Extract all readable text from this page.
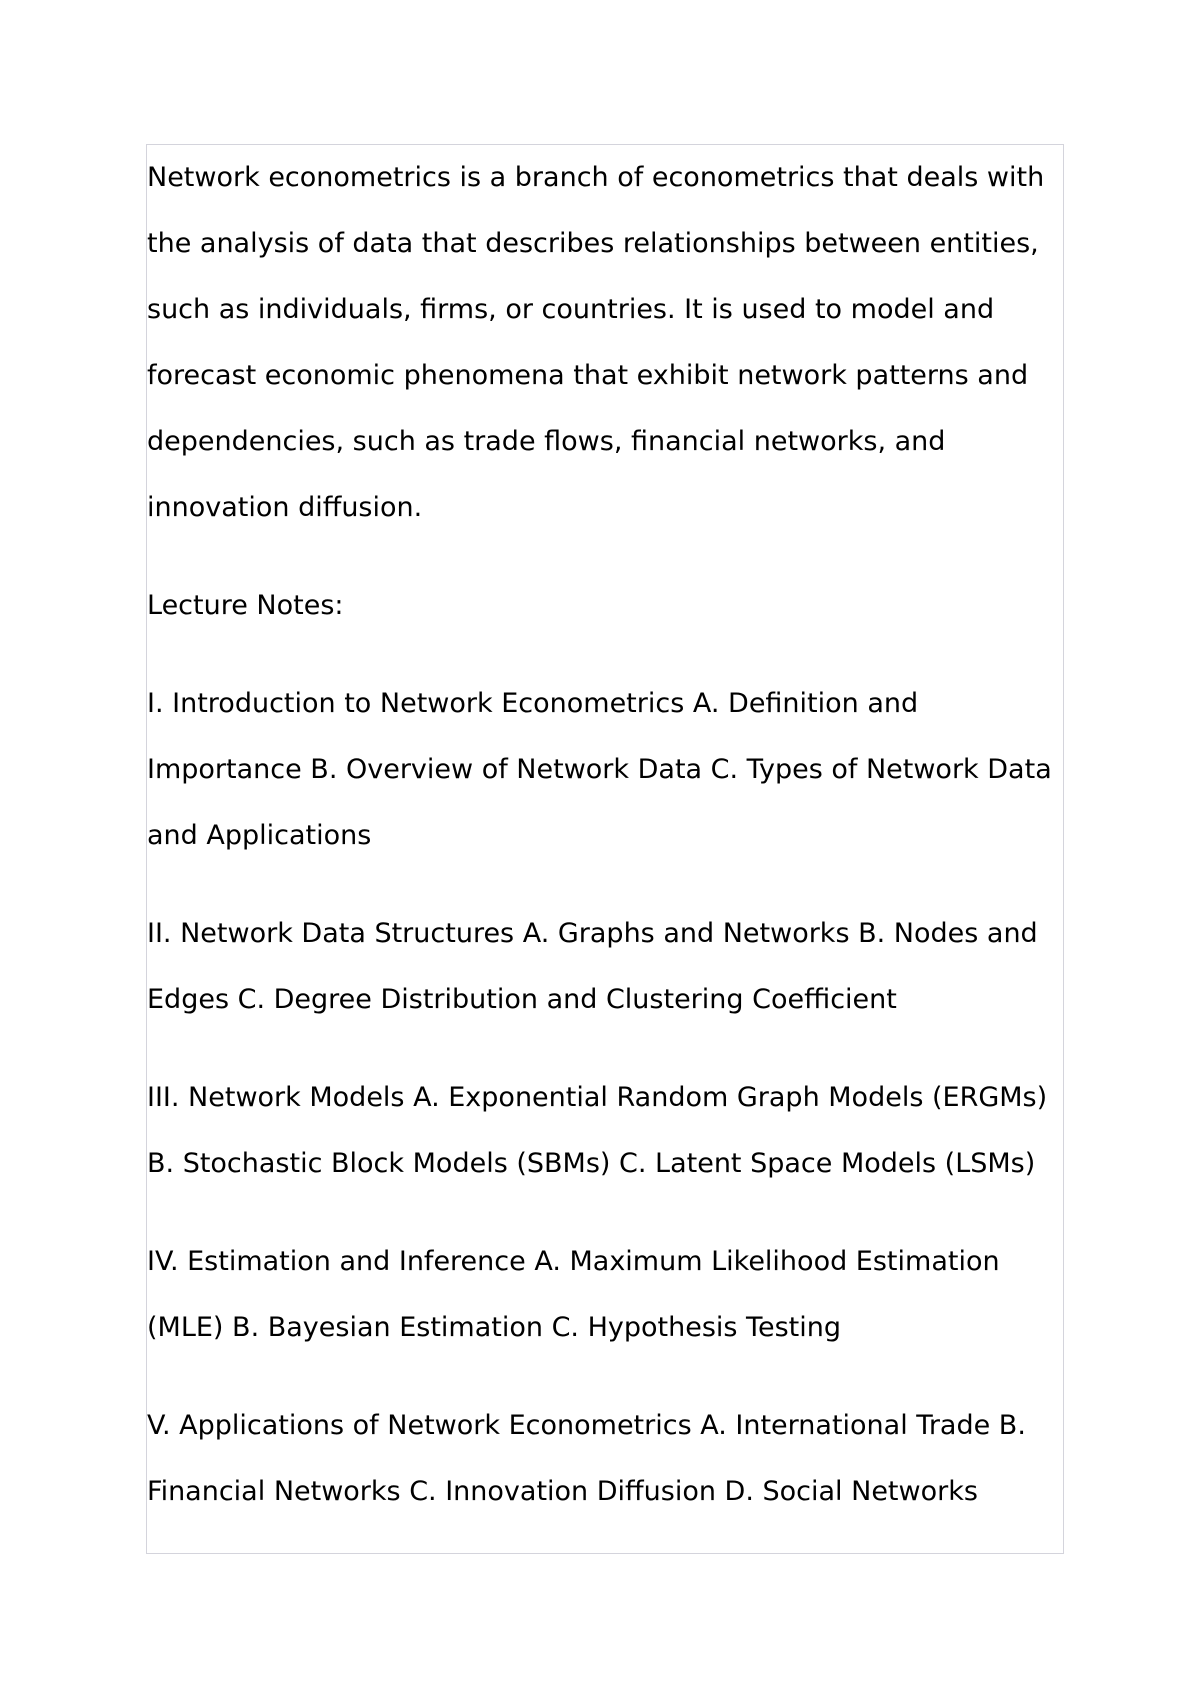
Network econometrics is a branch of econometrics that deals with the analysis of data that describes relationships between entities, such as individuals, firms, or countries. It is used to model and forecast economic phenomena that exhibit network patterns and dependencies, such as trade flows, financial networks, and innovation diffusion.

Lecture Notes:

I. Introduction to Network Econometrics A. Definition and Importance B. Overview of Network Data C. Types of Network Data and Applications

II. Network Data Structures A. Graphs and Networks B. Nodes and Edges C. Degree Distribution and Clustering Coefficient

III. Network Models A. Exponential Random Graph Models (ERGMs) B. Stochastic Block Models (SBMs) C. Latent Space Models (LSMs)

IV. Estimation and Inference A. Maximum Likelihood Estimation (MLE) B. Bayesian Estimation C. Hypothesis Testing

V. Applications of Network Econometrics A. International Trade B. Financial Networks C. Innovation Diffusion D. Social Networks
